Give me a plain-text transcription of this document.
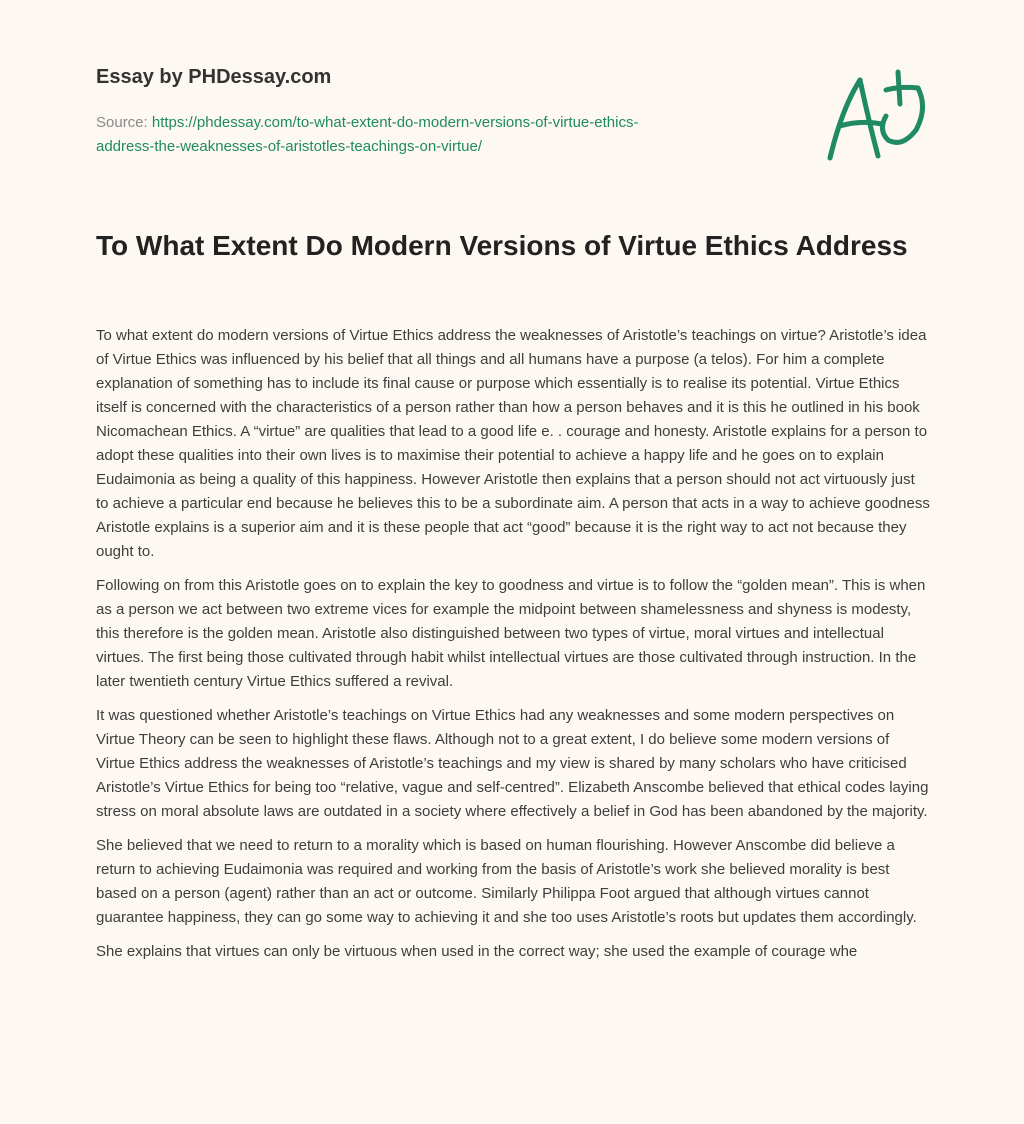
Essay by PHDessay.com
Source: https://phdessay.com/to-what-extent-do-modern-versions-of-virtue-ethics-
address-the-weaknesses-of-aristotles-teachings-on-virtue/
To What Extent Do Modern Versions of Virtue Ethics Address

To what extent do modern versions of Virtue Ethics address the weaknesses of Aristotle’s teachings on virtue? Aristotle’s idea of Virtue Ethics was influenced by his belief that all things and all humans have a purpose (a telos). For him a complete explanation of something has to include its final cause or purpose which essentially is to realise its potential. Virtue Ethics itself is concerned with the characteristics of a person rather than how a person behaves and it is this he outlined in his book Nicomachean Ethics. A “virtue” are qualities that lead to a good life e. . courage and honesty. Aristotle explains for a person to adopt these qualities into their own lives is to maximise their potential to achieve a happy life and he goes on to explain Eudaimonia as being a quality of this happiness. However Aristotle then explains that a person should not act virtuously just to achieve a particular end because he believes this to be a subordinate aim. A person that acts in a way to achieve goodness Aristotle explains is a superior aim and it is these people that act “good” because it is the right way to act not because they ought to.

Following on from this Aristotle goes on to explain the key to goodness and virtue is to follow the “golden mean”. This is when as a person we act between two extreme vices for example the midpoint between shamelessness and shyness is modesty, this therefore is the golden mean. Aristotle also distinguished between two types of virtue, moral virtues and intellectual virtues. The first being those cultivated through habit whilst intellectual virtues are those cultivated through instruction. In the later twentieth century Virtue Ethics suffered a revival.

It was questioned whether Aristotle’s teachings on Virtue Ethics had any weaknesses and some modern perspectives on Virtue Theory can be seen to highlight these flaws. Although not to a great extent, I do believe some modern versions of Virtue Ethics address the weaknesses of Aristotle’s teachings and my view is shared by many scholars who have criticised Aristotle’s Virtue Ethics for being too “relative, vague and self-centred”. Elizabeth Anscombe believed that ethical codes laying stress on moral absolute laws are outdated in a society where effectively a belief in God has been abandoned by the majority.

She believed that we need to return to a morality which is based on human flourishing. However Anscombe did believe a return to achieving Eudaimonia was required and working from the basis of Aristotle’s work she believed morality is best based on a person (agent) rather than an act or outcome. Similarly Philippa Foot argued that although virtues cannot guarantee happiness, they can go some way to achieving it and she too uses Aristotle’s roots but updates them accordingly.

She explains that virtues can only be virtuous when used in the correct way; she used the example of courage whe
